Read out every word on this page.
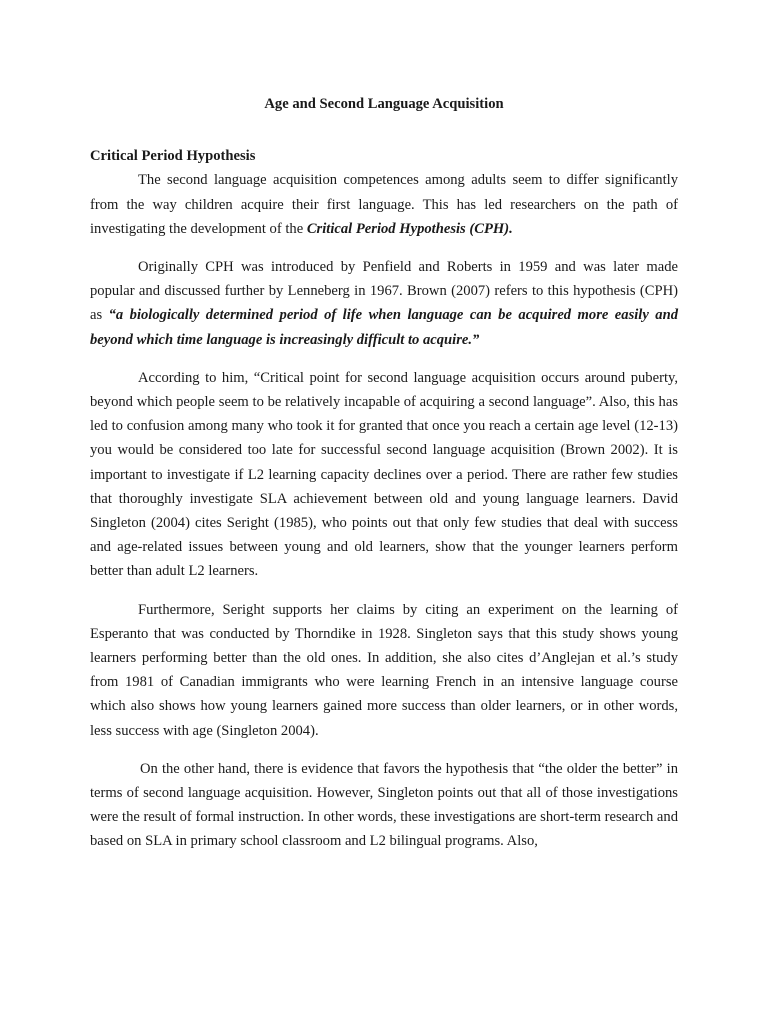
Age and Second Language Acquisition
Critical Period Hypothesis

The second language acquisition competences among adults seem to differ significantly from the way children acquire their first language. This has led researchers on the path of investigating the development of the Critical Period Hypothesis (CPH).

Originally CPH was introduced by Penfield and Roberts in 1959 and was later made popular and discussed further by Lenneberg in 1967. Brown (2007) refers to this hypothesis (CPH) as “a biologically determined period of life when language can be acquired more easily and beyond which time language is increasingly difficult to acquire.”

According to him, “Critical point for second language acquisition occurs around puberty, beyond which people seem to be relatively incapable of acquiring a second language”. Also, this has led to confusion among many who took it for granted that once you reach a certain age level (12-13) you would be considered too late for successful second language acquisition (Brown 2002). It is important to investigate if L2 learning capacity declines over a period. There are rather few studies that thoroughly investigate SLA achievement between old and young language learners. David Singleton (2004) cites Seright (1985), who points out that only few studies that deal with success and age-related issues between young and old learners, show that the younger learners perform better than adult L2 learners.

Furthermore, Seright supports her claims by citing an experiment on the learning of Esperanto that was conducted by Thorndike in 1928. Singleton says that this study shows young learners performing better than the old ones. In addition, she also cites d’Anglejan et al.’s study from 1981 of Canadian immigrants who were learning French in an intensive language course which also shows how young learners gained more success than older learners, or in other words, less success with age (Singleton 2004).

On the other hand, there is evidence that favors the hypothesis that “the older the better” in terms of second language acquisition. However, Singleton points out that all of those investigations were the result of formal instruction. In other words, these investigations are short-term research and based on SLA in primary school classroom and L2 bilingual programs. Also,
